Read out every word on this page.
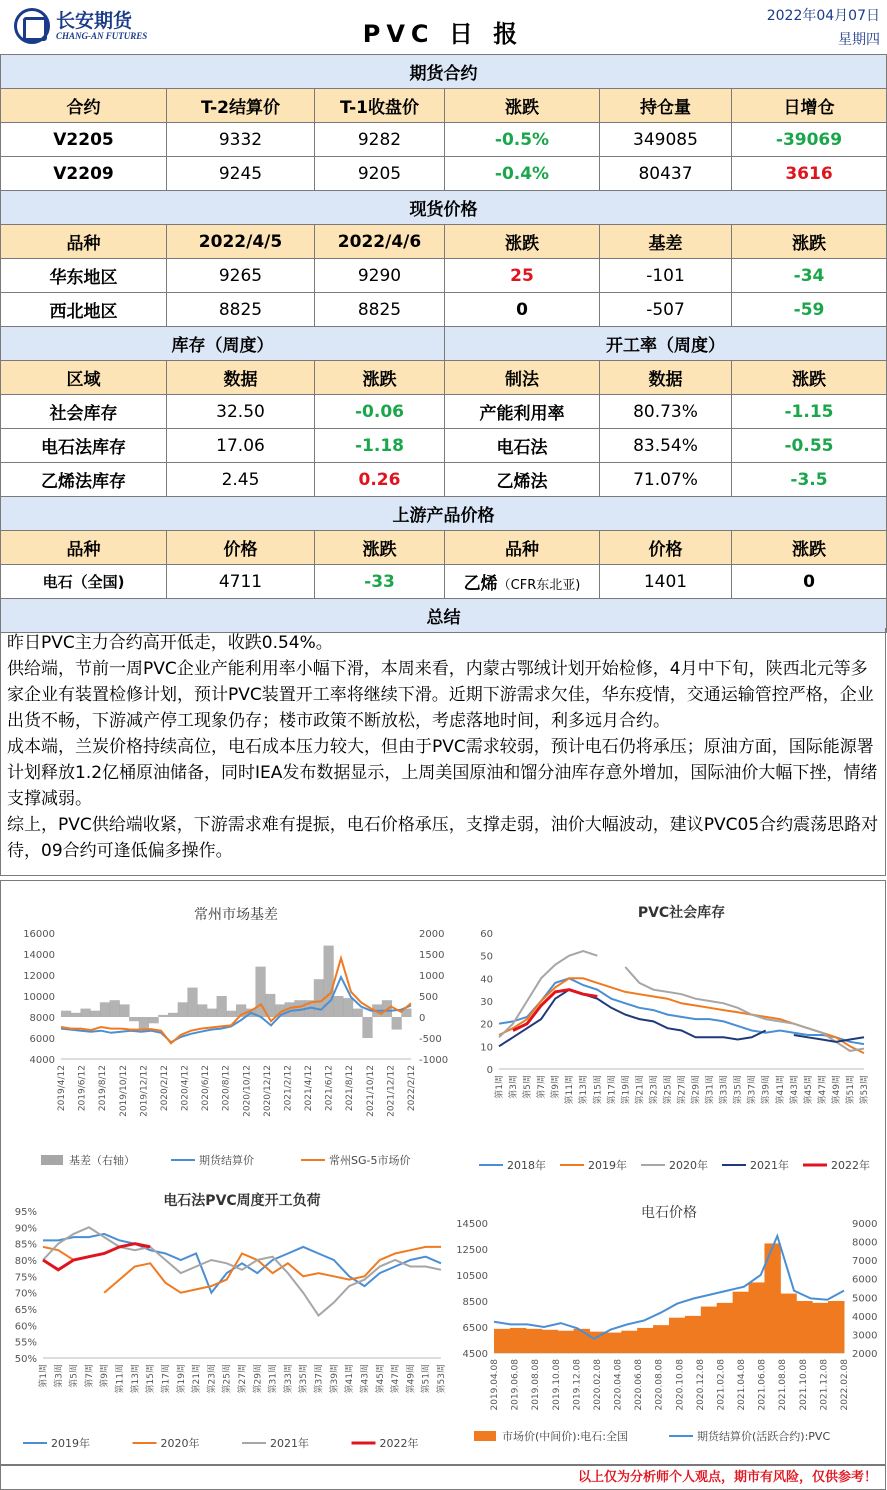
长安期货
CHANG-AN FUTURES	PVC 日 报
2022年04月07日
星期四
期货合约					
合约	T-2结算价	T-1收盘价	涨跌	持仓量	日增仓
V2205	9332	9282	-0.5%	349085	-39069
V2209	9245	9205	-0.4%	80437	3616
现货价格					
品种	2022/4/5	2022/4/6	涨跌	基差	涨跌
华东地区	9265	9290	25	-101	-34
西北地区	8825	8825	0	-507	-59
库存（周度）			开工率（周度）		
区域	数据	涨跌	制法	数据	涨跌
社会库存	32.50	-0.06	产能利用率	80.73%	-1.15
电石法库存	17.06	-1.18	电石法	83.54%	-0.55
乙烯法库存	2.45	0.26	乙烯法	71.07%	-3.5
上游产品价格					
品种	价格	涨跌	品种	价格	涨跌
电石（全国)	4711	-33	乙烯（CFR东北亚)	1401	0
总结					

昨日PVC主力合约高开低走，收跌0.54%。

供给端，节前一周PVC企业产能利用率小幅下滑，本周来看，内蒙古鄂绒计划开始检修，4月中下旬，陕西北元等多家企业有装置检修计划，预计PVC装置开工率将继续下滑。近期下游需求欠佳，华东疫情，交通运输管控严格，企业出货不畅，下游减产停工现象仍存；楼市政策不断放松，考虑落地时间，利多远月合约。

成本端，兰炭价格持续高位，电石成本压力较大，但由于PVC需求较弱，预计电石仍将承压；原油方面，国际能源署计划释放1.2亿桶原油储备，同时IEA发布数据显示，上周美国原油和馏分油库存意外增加，国际油价大幅下挫，情绪支撑减弱。

综上，PVC供给端收紧，下游需求难有提振，电石价格承压，支撑走弱，油价大幅波动，建议PVC05合约震荡思路对待，09合约可逢低偏多操作。

常州市场基差
16000
14000
12000
10000
8000
6000
4000
2000
1500
1000
500
0
-500
-1000
2019/4/12 2019/6/12 2019/8/12 2019/10/12 2019/12/12 2020/2/12 2020/4/12 2020/6/12 2020/8/12 2020/10/12 2020/12/12 2021/2/12 2021/4/12 2021/6/12 2021/8/12 2021/10/12 2021/12/12 2022/2/12
基差（右轴）	期货结算价	常州SG-5市场价
PVC社会库存
60
50
40
30
20
10
0
第1周 第3周 第5周 第7周 第9周 第11周 第13周 第15周 第17周 第19周 第21周 第23周 第25周 第27周 第29周 第31周 第33周 第35周 第37周 第39周 第41周 第43周 第45周 第47周 第49周 第51周 第53周
2018年	2019年	2020年	2021年	2022年
电石法PVC周度开工负荷
95%
90%
85%
80%
75%
70%
65%
60%
55%
50%
第1周 第3周 第5周 第7周 第9周 第11周 第13周 第15周 第17周 第19周 第21周 第23周 第25周 第27周 第29周 第31周 第33周 第35周 第37周 第39周 第41周 第43周 第45周 第47周 第49周 第51周 第53周
2019年	2020年	2021年	2022年
电石价格
14500
12500
10500
8500
6500
4500
9000
8000
7000
6000
5000
4000
3000
2000
2019.04.08 2019.06.08 2019.08.08 2019.10.08 2019.12.08 2020.02.08 2020.04.08 2020.06.08 2020.08.08 2020.10.08 2020.12.08 2021.02.08 2021.04.08 2021.06.08 2021.08.08 2021.10.08 2021.12.08 2022.02.08
市场价(中间价):电石:全国	期货结算价(活跃合约):PVC
以上仅为分析师个人观点，期市有风险，仅供参考！
